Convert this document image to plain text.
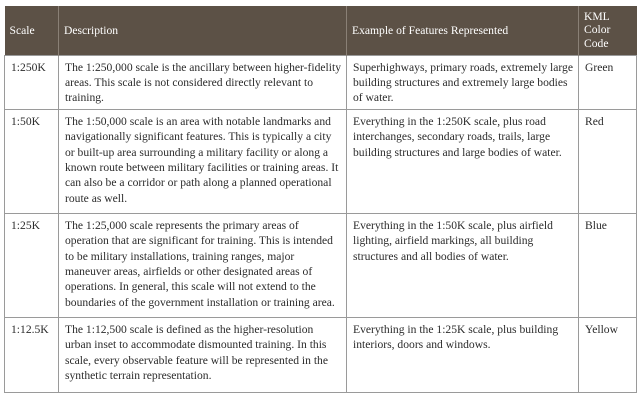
Scale	Description	Example of Features Represented	KML Color Code
1:250K	The 1:250,000 scale is the ancillary between higher-fidelity areas. This scale is not considered directly relevant to training.	Superhighways, primary roads, extremely large building structures and extremely large bodies of water.	Green
1:50K	The 1:50,000 scale is an area with notable landmarks and navigationally significant features. This is typically a city or built-up area surrounding a military facility or along a known route between military facilities or training areas. It can also be a corridor or path along a planned operational route as well.	Everything in the 1:250K scale, plus road interchanges, secondary roads, trails, large building structures and large bodies of water.	Red
1:25K	The 1:25,000 scale represents the primary areas of operation that are significant for training. This is intended to be military installations, training ranges, major maneuver areas, airfields or other designated areas of operations. In general, this scale will not extend to the boundaries of the government installation or training area.	Everything in the 1:50K scale, plus airfield lighting, airfield markings, all building structures and all bodies of water.	Blue
1:12.5K	The 1:12,500 scale is defined as the higher-resolution urban inset to accommodate dismounted training. In this scale, every observable feature will be represented in the synthetic terrain representation.	Everything in the 1:25K scale, plus building interiors, doors and windows.	Yellow
